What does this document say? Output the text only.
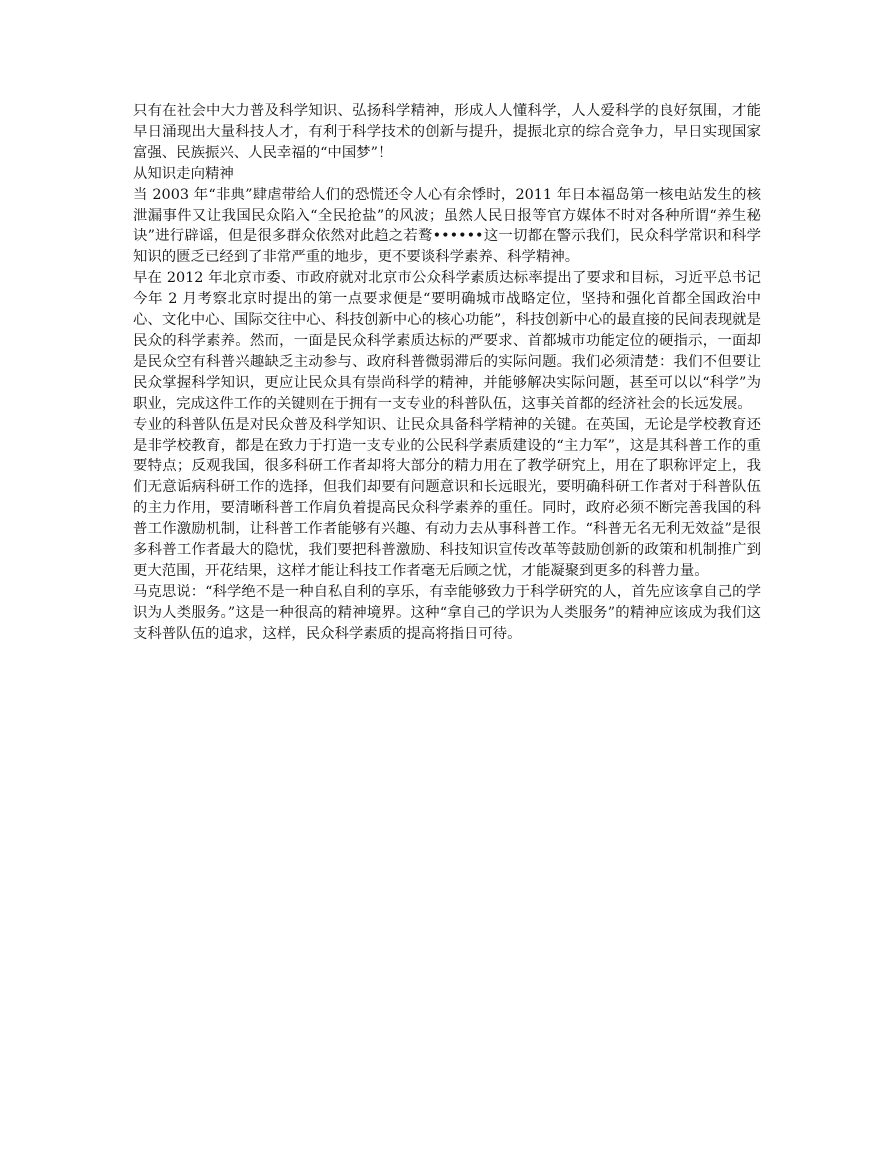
只有在社会中大力普及科学知识、弘扬科学精神，形成人人懂科学，人人爱科学的良好氛围，才能早日涌现出大量科技人才，有利于科学技术的创新与提升，提振北京的综合竞争力，早日实现国家富强、民族振兴、人民幸福的“中国梦”！

从知识走向精神

当 2003 年“非典”肆虐带给人们的恐慌还令人心有余悸时，2011 年日本福岛第一核电站发生的核泄漏事件又让我国民众陷入“全民抢盐”的风波；虽然人民日报等官方媒体不时对各种所谓“养生秘诀”进行辟谣，但是很多群众依然对此趋之若鹜••••••这一切都在警示我们，民众科学常识和科学知识的匮乏已经到了非常严重的地步，更不要谈科学素养、科学精神。

早在 2012 年北京市委、市政府就对北京市公众科学素质达标率提出了要求和目标，习近平总书记今年 2 月考察北京时提出的第一点要求便是“要明确城市战略定位，坚持和强化首都全国政治中心、文化中心、国际交往中心、科技创新中心的核心功能”，科技创新中心的最直接的民间表现就是民众的科学素养。然而，一面是民众科学素质达标的严要求、首都城市功能定位的硬指示，一面却是民众空有科普兴趣缺乏主动参与、政府科普微弱滞后的实际问题。我们必须清楚：我们不但要让民众掌握科学知识，更应让民众具有崇尚科学的精神，并能够解决实际问题，甚至可以以“科学”为职业，完成这件工作的关键则在于拥有一支专业的科普队伍，这事关首都的经济社会的长远发展。

专业的科普队伍是对民众普及科学知识、让民众具备科学精神的关键。在英国，无论是学校教育还是非学校教育，都是在致力于打造一支专业的公民科学素质建设的“主力军”，这是其科普工作的重要特点；反观我国，很多科研工作者却将大部分的精力用在了教学研究上，用在了职称评定上，我们无意诟病科研工作的选择，但我们却要有问题意识和长远眼光，要明确科研工作者对于科普队伍的主力作用，要清晰科普工作肩负着提高民众科学素养的重任。同时，政府必须不断完善我国的科普工作激励机制，让科普工作者能够有兴趣、有动力去从事科普工作。“科普无名无利无效益”是很多科普工作者最大的隐忧，我们要把科普激励、科技知识宣传改革等鼓励创新的政策和机制推广到更大范围，开花结果，这样才能让科技工作者毫无后顾之忧，才能凝聚到更多的科普力量。

马克思说：“科学绝不是一种自私自利的享乐，有幸能够致力于科学研究的人，首先应该拿自己的学识为人类服务。”这是一种很高的精神境界。这种“拿自己的学识为人类服务”的精神应该成为我们这支科普队伍的追求，这样，民众科学素质的提高将指日可待。
